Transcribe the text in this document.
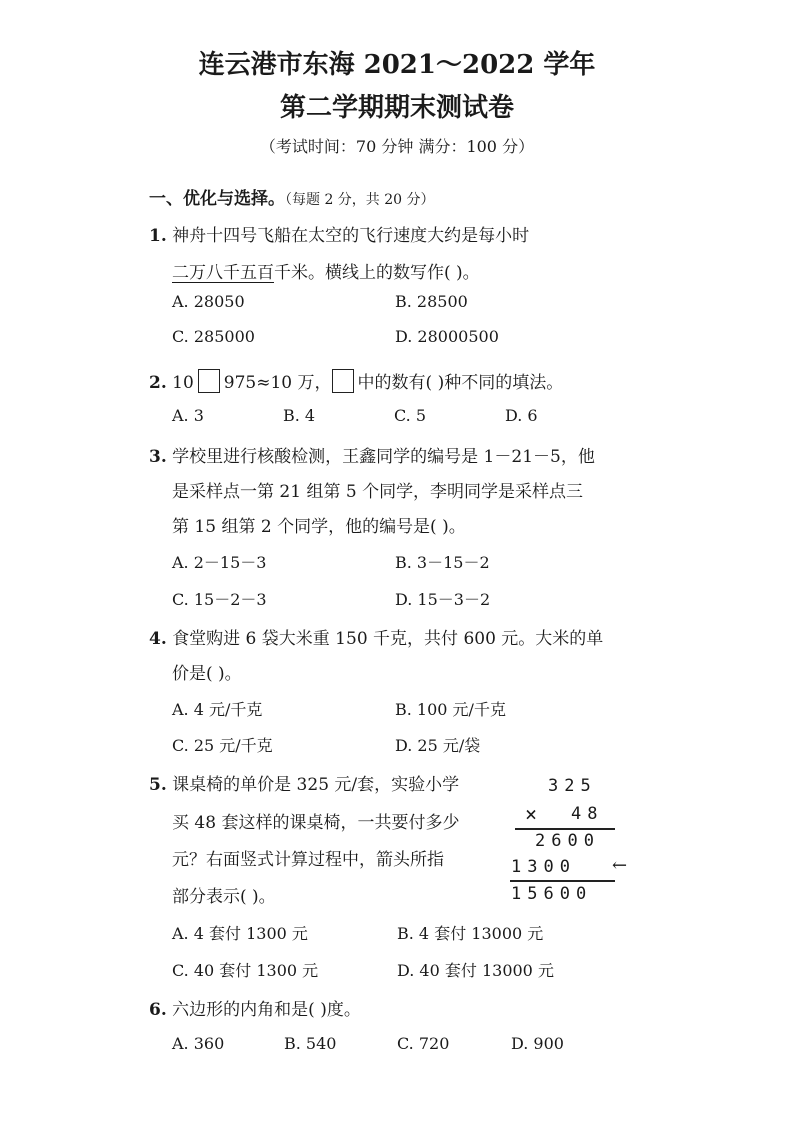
连云港市东海 2021～2022 学年
第二学期期末测试卷
（考试时间：70 分钟 满分：100 分）
一、优化与选择。（每题 2 分，共 20 分）
1. 神舟十四号飞船在太空的飞行速度大约是每小时
二万八千五百千米。横线上的数写作( )。
A. 28050	B. 28500
C. 285000	D. 28000500
2. 10 975≈10 万， 中的数有( )种不同的填法。
A. 3	B. 4	C. 5	D. 6
3. 学校里进行核酸检测，王鑫同学的编号是 1－21－5，他
是采样点一第 21 组第 5 个同学，李明同学是采样点三
第 15 组第 2 个同学，他的编号是( )。
A. 2－15－3	B. 3－15－2
C. 15－2－3	D. 15－3－2
4. 食堂购进 6 袋大米重 150 千克，共付 600 元。大米的单
价是( )。
A. 4 元/千克	B. 100 元/千克
C. 25 元/千克	D. 25 元/袋
5. 课桌椅的单价是 325 元/套，实验小学
买 48 套这样的课桌椅，一共要付多少
元？右面竖式计算过程中，箭头所指
部分表示( )。
325
× 48
2600
1300 ←
15600
A. 4 套付 1300 元	B. 4 套付 13000 元
C. 40 套付 1300 元	D. 40 套付 13000 元
6. 六边形的内角和是( )度。
A. 360	B. 540	C. 720	D. 900
